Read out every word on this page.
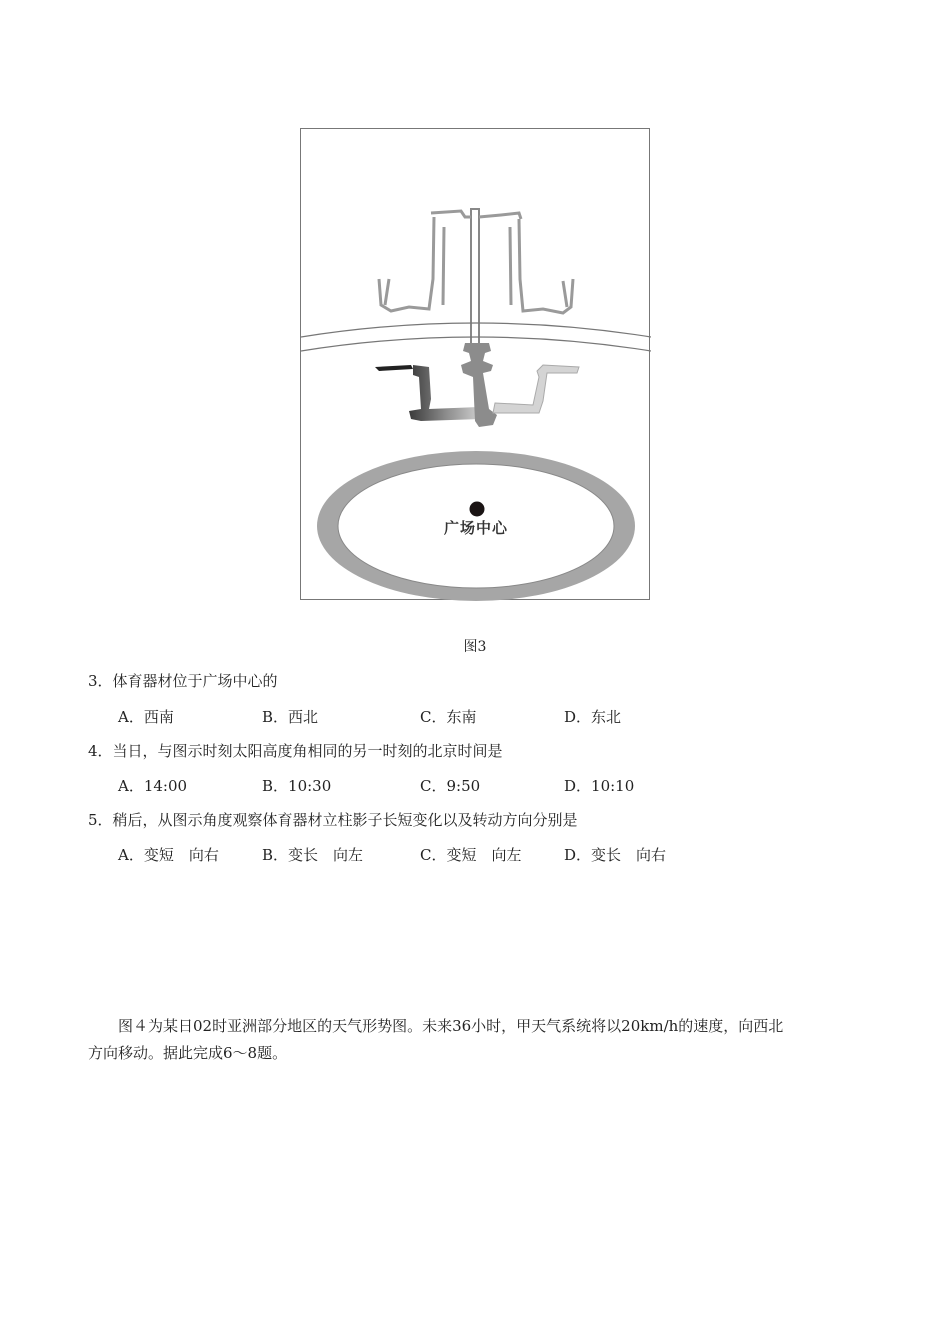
广场中心
图3
3．体育器材位于广场中心的
A．西南	B．西北	C．东南	D．东北
4．当日，与图示时刻太阳高度角相同的另一时刻的北京时间是
A．14:00	B．10:30	C．9:50	D．10:10
5．稍后，从图示角度观察体育器材立柱影子长短变化以及转动方向分别是
A．变短　向右	B．变长　向左	C．变短　向左	D．变长　向右
图４为某日02时亚洲部分地区的天气形势图。未来36小时，甲天气系统将以20km/h的速度，向西北
方向移动。据此完成6～8题。
